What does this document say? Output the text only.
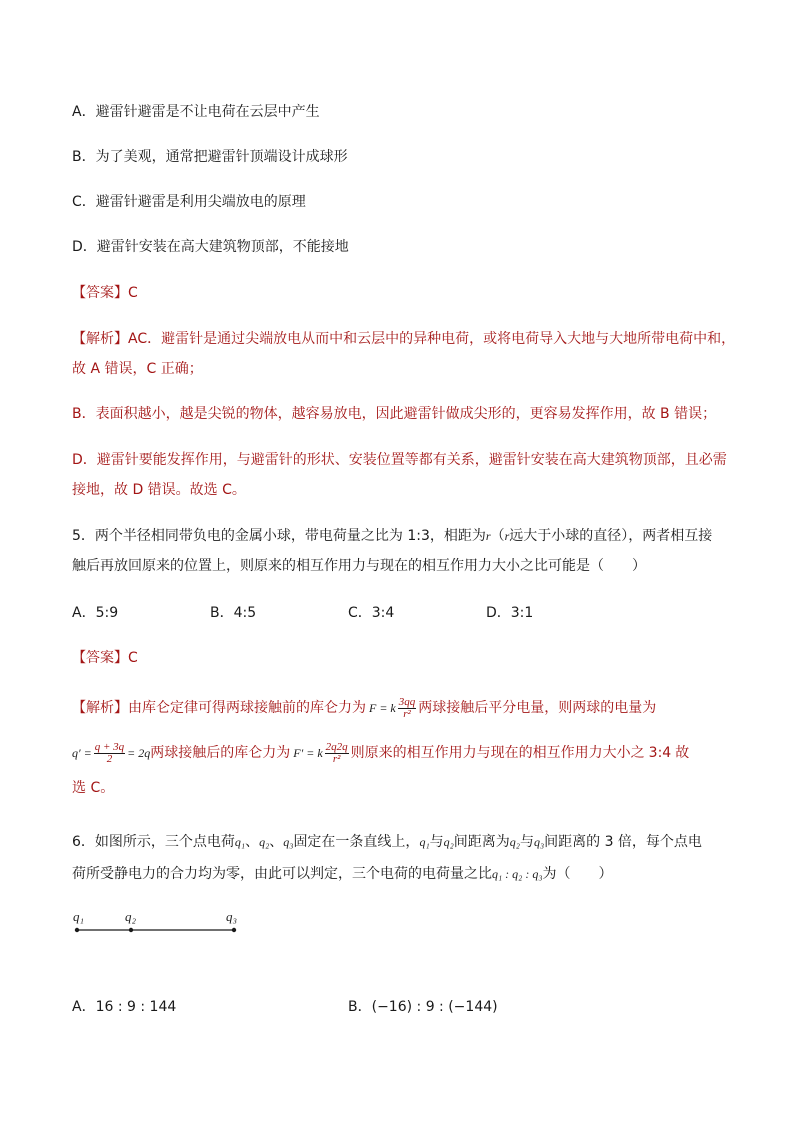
A．避雷针避雷是不让电荷在云层中产生
B．为了美观，通常把避雷针顶端设计成球形
C．避雷针避雷是利用尖端放电的原理
D．避雷针安装在高大建筑物顶部，不能接地
【答案】C
【解析】AC．避雷针是通过尖端放电从而中和云层中的异种电荷，或将电荷导入大地与大地所带电荷中和，
故 A 错误，C 正确；
B．表面积越小，越是尖锐的物体，越容易放电，因此避雷针做成尖形的，更容易发挥作用，故 B 错误；
D．避雷针要能发挥作用，与避雷针的形状、安装位置等都有关系，避雷针安装在高大建筑物顶部，且必需
接地，故 D 错误。故选 C。
5．两个半径相同带负电的金属小球，带电荷量之比为 1:3，相距为r（r远大于小球的直径），两者相互接
触后再放回原来的位置上，则原来的相互作用力与现在的相互作用力大小之比可能是（　　）
A．5:9	B．4:5	C．3:4	D．3:1
【答案】C
【解析】 由库仑定律可得两球接触前的库仑力为 F = k $\frac{3qq}{\text{r²}}$ 两球接触后平分电量，则两球的电量为
$q' = \frac{q + 3q}{2} = 2q$ 两球接触后的库仑力为 F′ = k $\frac{2q2q}{\text{r²}}$ 则原来的相互作用力与现在的相互作用力大小之 3:4 故
选 C。
6．如图所示，三个点电荷q₁、q₂、q₃固定在一条直线上，q₁与q₂间距离为q₂与q₃间距离的 3 倍，每个点电
荷所受静电力的合力均为零，由此可以判定，三个电荷的电荷量之比q₁ : q₂ : q₃为（　　）
q₁	q₂	q₃
A．16 : 9 : 144	B．(−16) : 9 : (−144)
